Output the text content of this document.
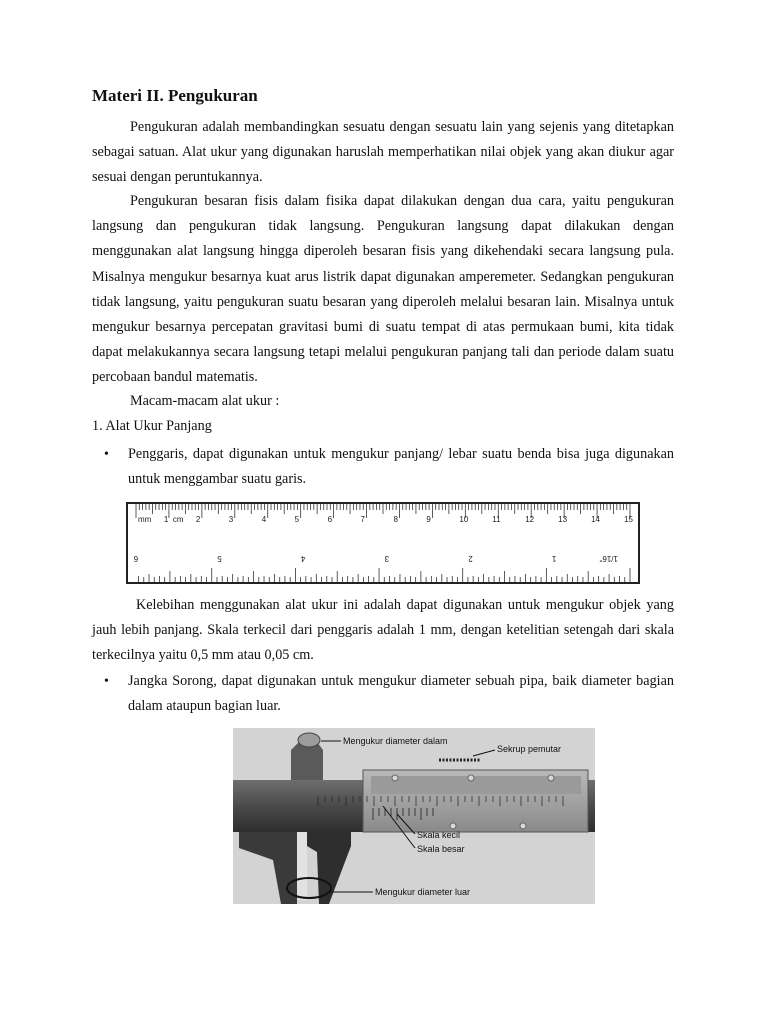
Materi II. Pengukuran

Pengukuran adalah membandingkan sesuatu dengan sesuatu lain yang sejenis yang ditetapkan sebagai satuan. Alat ukur yang digunakan haruslah memperhatikan nilai objek yang akan diukur agar sesuai dengan peruntukannya.

Pengukuran besaran fisis dalam fisika dapat dilakukan dengan dua cara, yaitu pengukuran langsung dan pengukuran tidak langsung. Pengukuran langsung dapat dilakukan dengan menggunakan alat langsung hingga diperoleh besaran fisis yang dikehendaki secara langsung pula. Misalnya mengukur besarnya kuat arus listrik dapat digunakan amperemeter. Sedangkan pengukuran tidak langsung, yaitu pengukuran suatu besaran yang diperoleh melalui besaran lain. Misalnya untuk mengukur besarnya percepatan gravitasi bumi di suatu tempat di atas permukaan bumi, kita tidak dapat melakukannya secara langsung tetapi melalui pengukuran panjang tali dan periode dalam suatu percobaan bandul matematis.

Macam-macam alat ukur :

1. Alat Ukur Panjang

• Penggaris, dapat digunakan untuk mengukur panjang/ lebar suatu benda bisa juga digunakan untuk menggambar suatu garis.

mm 1 cm 2	3	4	5	6	7	8	9	10	11	12	13	14	15
6	5	4	3	2	1	1/16"

Kelebihan menggunakan alat ukur ini adalah dapat digunakan untuk mengukur objek yang jauh lebih panjang. Skala terkecil dari penggaris adalah 1 mm, dengan ketelitian setengah dari skala terkecilnya yaitu 0,5 mm atau 0,05 cm.

• Jangka Sorong, dapat digunakan untuk mengukur diameter sebuah pipa, baik diameter bagian dalam ataupun bagian luar.

Mengukur diameter dalam
Sekrup pemutar
Skala kecil
Skala besar
Mengukur diameter luar
